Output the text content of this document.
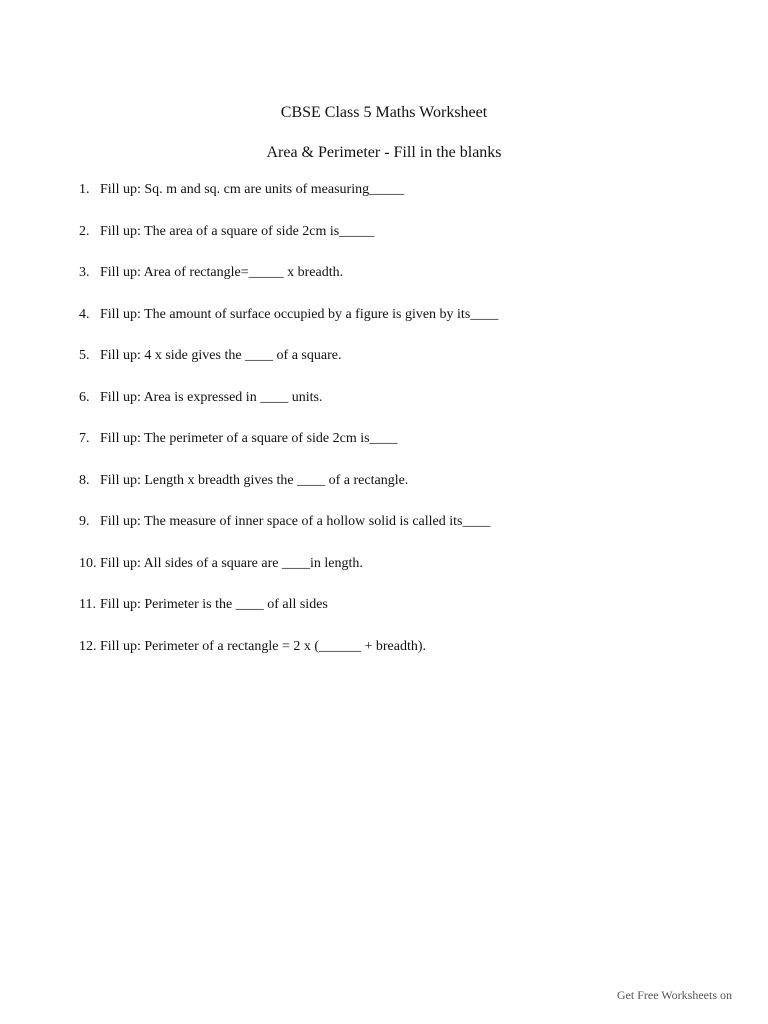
CBSE Class 5 Maths Worksheet
Area & Perimeter - Fill in the blanks
1. Fill up: Sq. m and sq. cm are units of measuring_____
2. Fill up: The area of a square of side 2cm is_____
3. Fill up: Area of rectangle=_____ x breadth.
4. Fill up: The amount of surface occupied by a figure is given by its____
5. Fill up: 4 x side gives the ____ of a square.
6. Fill up: Area is expressed in ____ units.
7. Fill up: The perimeter of a square of side 2cm is____
8. Fill up: Length x breadth gives the ____ of a rectangle.
9. Fill up: The measure of inner space of a hollow solid is called its____
10. Fill up: All sides of a square are ____in length.
11. Fill up: Perimeter is the ____ of all sides
12. Fill up: Perimeter of a rectangle = 2 x (______ + breadth).
Get Free Worksheets on
